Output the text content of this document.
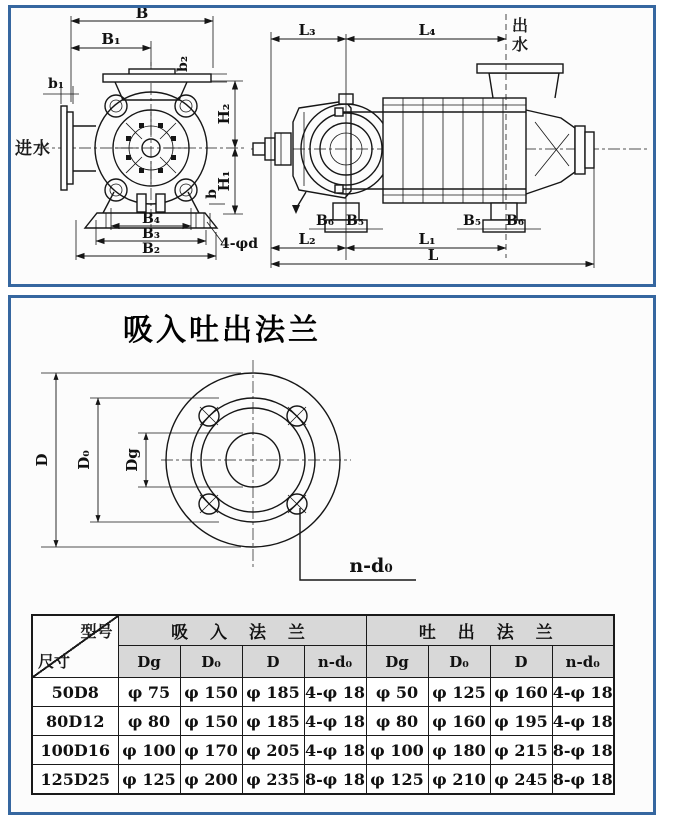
进水
出水
B
B₁
b₁
b₂
H₂
H₁
b
B₄
B₃
B₂	4-φd
L₃	L₄
B₆ B₅	B₅ B₆
L₂	L₁
L
吸入吐出法兰
D D₀ Dg
n-d₀
型号
尺寸	吸 入 法 兰				吐 出 法 兰			
	Dg	D₀	D	n-d₀	Dg	D₀	D	n-d₀
50D8	φ 75	φ 150	φ 185	4-φ 18	φ 50	φ 125	φ 160	4-φ 18
80D12	φ 80	φ 150	φ 185	4-φ 18	φ 80	φ 160	φ 195	4-φ 18
100D16	φ 100	φ 170	φ 205	4-φ 18	φ 100	φ 180	φ 215	8-φ 18
125D25	φ 125	φ 200	φ 235	8-φ 18	φ 125	φ 210	φ 245	8-φ 18
